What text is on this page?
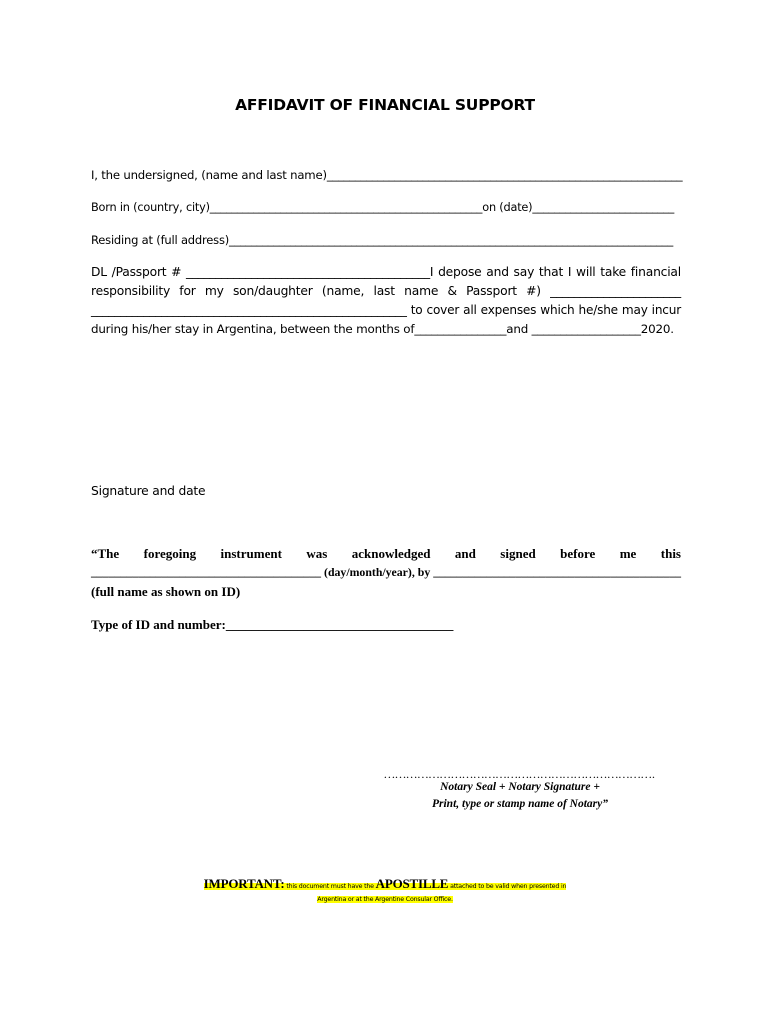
AFFIDAVIT OF FINANCIAL SUPPORT
I, the undersigned, (name and last name)_______________________________________________________________
Born in (country, city)__________________________________________________on (date)__________________________
Residing at (full address)________________________________________________________________________________
DL /Passport # _________________________________________I depose and say that I will take financial
responsibility for my son/daughter (name, last name & Passport #) ______________________
______________________________________________________ to cover all expenses which he/she may incur
during his/her stay in Argentina, between the months of________________and ___________________2020.
Signature and date
“The foregoing instrument was acknowledged and signed before me this
_______________________________________ (day/month/year), by __________________________________________
(full name as shown on ID)
Type of ID and number:___________________________________
……………………………………………………………….
Notary Seal + Notary Signature +
Print, type or stamp name of Notary”
IMPORTANT: this document must have the APOSTILLE attached to be valid when presented in
Argentina or at the Argentine Consular Office.
